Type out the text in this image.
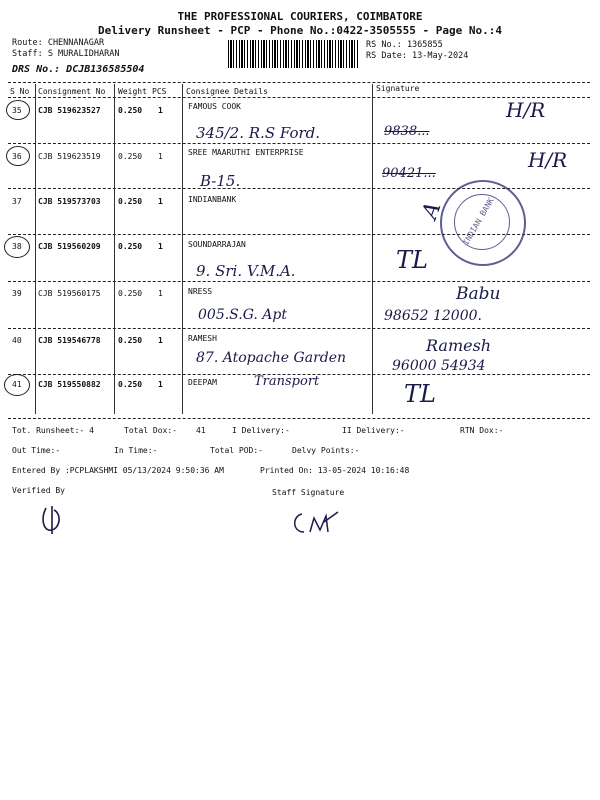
THE PROFESSIONAL COURIERS, COIMBATORE
Delivery Runsheet - PCP - Phone No.:0422-3505555 - Page No.:4
Route: CHENNANAGAR
Staff: S MURALIDHARAN
DRS No.: DCJB136585504
RS No.: 1365855
RS Date: 13-May-2024
S No Consignment No Weight PCS Consignee Details	Signature
35 CJB 519623527 0.250 1	FAMOUS COOK
345/2. R.S Ford.	9838...
H/R
36 CJB 519623519 0.250 1	SREE MAARUTHI ENTERPRISE
B-15.	90421...
H/R
37 CJB 519573703 0.250 1	INDIANBANK	INDIAN BANK
A
38 CJB 519560209 0.250 1	SOUNDARRAJAN
9. Sri. V.M.A.	TL
39 CJB 519560175 0.250 1	NRESS
005.S.G. Apt	98652 12000.
Babu
40 CJB 519546778 0.250 1	RAMESH
87. Atopache Garden	96000 54934
Ramesh
41 CJB 519550882 0.250 1	DEEPAM	Transport	TL
Tot. Runsheet:- 4	Total Dox:- 41	I Delivery:-	II Delivery:-	RTN Dox:-
Out Time:-	In Time:-	Total POD:-	Delvy Points:-
Entered By :PCPLAKSHMI 05/13/2024 9:50:36 AM	Printed On: 13-05-2024 10:16:48
Verified By	Staff Signature
